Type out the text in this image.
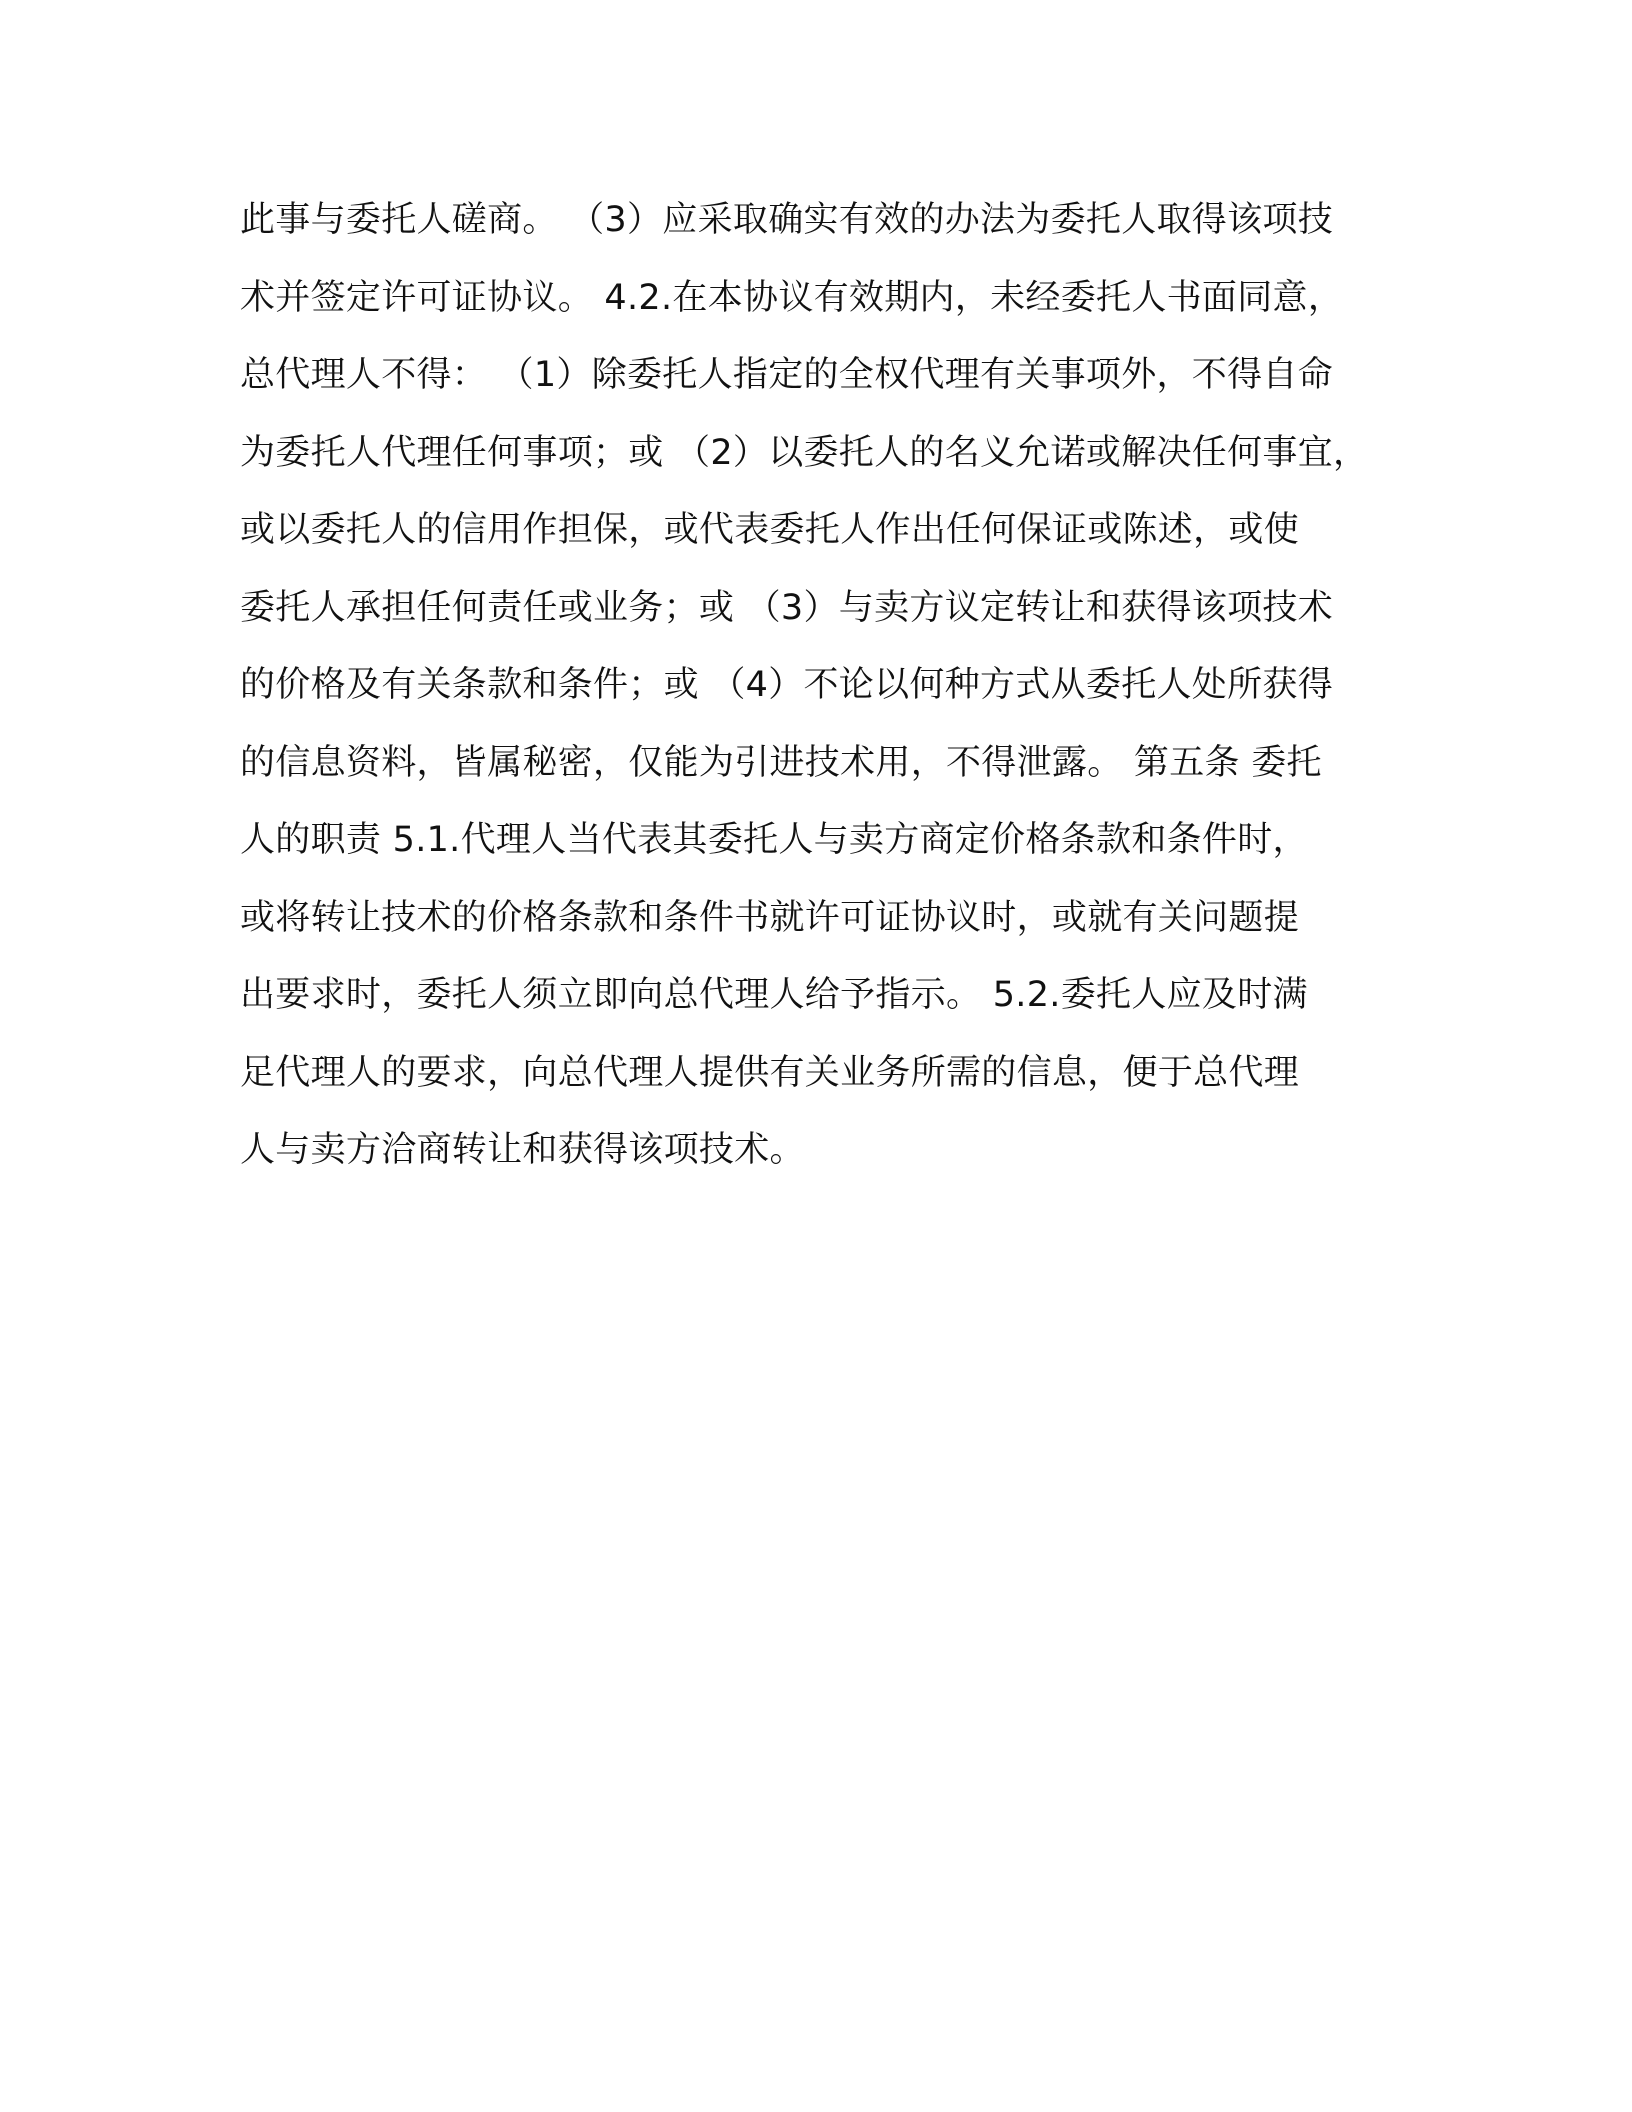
此事与委托人磋商。 （3）应采取确实有效的办法为委托人取得该项技
术并签定许可证协议。 4.2.在本协议有效期内，未经委托人书面同意，
总代理人不得： （1）除委托人指定的全权代理有关事项外，不得自命
为委托人代理任何事项；或 （2）以委托人的名义允诺或解决任何事宜，
或以委托人的信用作担保，或代表委托人作出任何保证或陈述，或使
委托人承担任何责任或业务；或 （3）与卖方议定转让和获得该项技术
的价格及有关条款和条件；或 （4）不论以何种方式从委托人处所获得
的信息资料，皆属秘密，仅能为引进技术用，不得泄露。 第五条 委托
人的职责 5.1.代理人当代表其委托人与卖方商定价格条款和条件时，
或将转让技术的价格条款和条件书就许可证协议时，或就有关问题提
出要求时，委托人须立即向总代理人给予指示。 5.2.委托人应及时满
足代理人的要求，向总代理人提供有关业务所需的信息，便于总代理
人与卖方洽商转让和获得该项技术。
